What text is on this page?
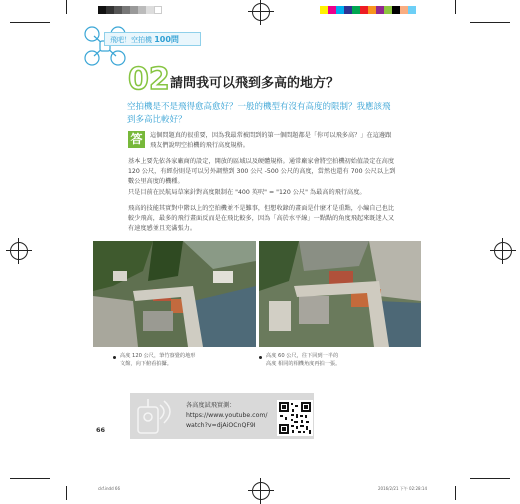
飛吧！空拍機 100問
02 請問我可以飛到多高的地方？
空拍機是不是飛得愈高愈好？一般的機型有沒有高度的限制？我應該飛到多高比較好？
答	這個問題真的很重要，因為我最常被問到的第一個問題都是「你可以飛多高？」在這邊跟飛友們說明空拍機的飛行高度規格。
基本上要先依各家廠商的設定，開放的區域以及硬體規格。通常廠家會將空拍機初始值設定在高度 120 公尺，有經份則是可以另外調整到 300 公尺 -500 公尺的高度，當然也還有 700 公尺以上到數公里高度的機種。
只是目前在民航局草案針對高度限制在 "400 英呎" = "120 公尺" 為最高的飛行高度。
飛高的技能其實對中階以上的空拍機並不是難事，但想收錄的畫面是什麼才是重點，小編自己也比較少飛高，最多的飛行畫面反而是在飛比較多，因為「高於水平線」一點點的角度飛起來既迷人又有速度感並且充滿張力。
高度 120 公尺，筆竹寮覺的地形
文館，向下俯看拍攝。
高度 60 公尺，往下回到一半的
高度 相同的相機角度再拍一張。
各高度試飛實測：
https://www.youtube.com/
watch?v=djAiOCnQF9I
66
ckf.indd 66	2016/2/21 下午 02:28:14
